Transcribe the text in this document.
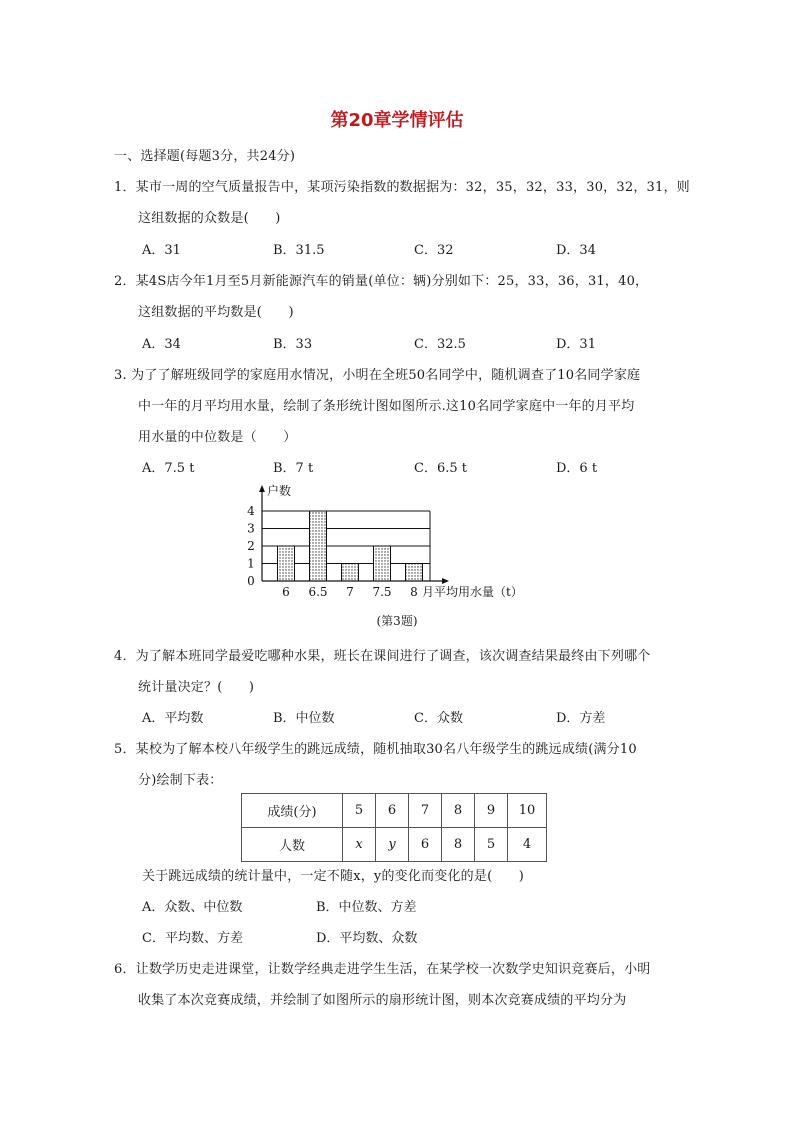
第20章学情评估
一、选择题(每题3分，共24分)
1．某市一周的空气质量报告中，某项污染指数的数据据为：32，35，32，33，30，32，31，则
这组数据的众数是(　　)
A．31	B．31.5	C．32	D．34
2．某4S店今年1月至5月新能源汽车的销量(单位：辆)分别如下：25，33，36，31，40，
这组数据的平均数是(　　)
A．34	B．33	C．32.5	D．31
3. 为了了解班级同学的家庭用水情况，小明在全班50名同学中，随机调查了10名同学家庭
中一年的月平均用水量，绘制了条形统计图如图所示.这10名同学家庭中一年的月平均
用水量的中位数是（　　）
A．7.5 t	B．7 t	C．6.5 t	D．6 t
户数
月平均用水量（t）
0
1
2
3
4
6 6.5 7 7.5 8
(第3题)
4．为了解本班同学最爱吃哪种水果，班长在课间进行了调查，该次调查结果最终由下列哪个
统计量决定？(　　)
A．平均数	B．中位数	C．众数	D．方差
5．某校为了解本校八年级学生的跳远成绩，随机抽取30名八年级学生的跳远成绩(满分10
分)绘制下表：
成绩(分)	5	6	7	8	9	10
人数	x	y	6	8	5	4
关于跳远成绩的统计量中，一定不随x，y的变化而变化的是(　　)
A．众数、中位数	B．中位数、方差
C．平均数、方差	D．平均数、众数
6．让数学历史走进课堂，让数学经典走进学生生活，在某学校一次数学史知识竞赛后，小明
收集了本次竞赛成绩，并绘制了如图所示的扇形统计图，则本次竞赛成绩的平均分为
